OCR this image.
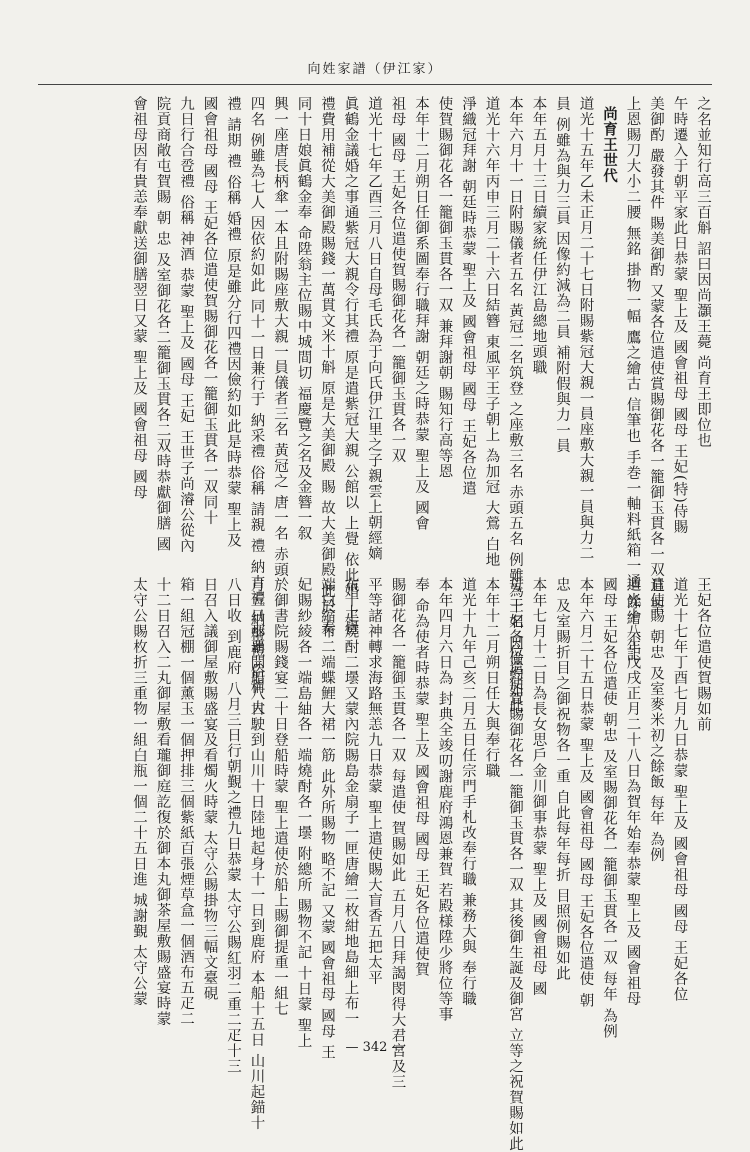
向姓家譜（伊江家）
之名並知行高三百斛 詔曰因尚灝王薨 尚育王即位也
午時遷入于朝平家此日恭蒙 聖上及 國會祖母 國母 王妃(特)侍賜
美御酌 嚴發其件 賜美御酌 又蒙各位遣使賞賜御花各一籠御玉貫各一双且 聖
上恩賜刀大小二腰 無銘 掛物一幅 鷹之繪古 信筆也 手巻一軸料紙箱一通 餘繪 不記
尚育王世代
道光十五年乙未正月二十七日附賜紫冠大親一員座敷大親一員與力二
員 例雖為與力三員 因像約減為二員 補附假與力一員
本年五月十三日續家統任伊江島總地頭職
本年六月十一日附賜儀者五名 黃冠二名筑登 之座敷三名 赤頭五名 例雖為十名 因儉約如此
道光十六年丙申三月二十六日結簪 東風平王子朝上 為加冠 大鶯 白地
淨織冠拜謝 朝廷時恭蒙 聖上及 國會祖母 國母 王妃各位遣
使賀賜御花各一籠御玉貫各一双 兼拜謝朝 賜知行高等恩
本年十二月朔日任御系圖奉行職拜謝 朝廷之時恭蒙 聖上及 國會
祖母 國母 王妃各位遣使賀賜御花各一籠御玉貫各一双
道光十七年乙酉三月八日自母毛氏為于向氏伊江里之子親雲上朝經嫡
眞鶴金議婚之事通紫冠大親令行其禮 原是遣紫冠大親 公館以 上覺 依此婚 上覺
禮費用補從大美御殿賜錢一萬貫文米十斛 原是大美御殿 賜 故大美御殿 此於 奏
同十日娘眞鶴金奉 命陞翁主位賜中城間切 福慶覽之名及金簪一叙
興一座唐長柄傘一本且附賜座敷大親一員儀者三名 黃冠之 唐一名 赤頭
四名 例雖為七人 因依約如此 同十一日兼行于 納采禮 俗稱 請親 禮 納吉禮 納幣禮 俗稱 大
禮 請期 禮 俗稱 婚禮 原是雖分行四禮因儉約如此是時恭蒙 聖上及
國會祖母 國母 王妃各位遣使賀賜御花各一籠御玉貫各一双同十
九日行合卺禮 俗稱 神酒 恭蒙 聖上及 國母 王妃 王世子尚濬公從內
院貢商敞屯賀賜 朝 忠 及室御花各二籠御玉貫各二双時恭獻御膳 國
會祖母因有貴恙奉獻送御膳翌日又蒙 聖上及 國會祖母 國母
王妃各位遣使賀賜如前
道光十七年丁酉七月九日恭蒙 聖上及 國會祖母 國母 王妃各位
遣使賜 朝忠 及室麥米初之餘飯 每年 為例
道光十八年戊戌正月二十八日為賀年始奉恭蒙 聖上及 國會祖母
國母 王妃各位遣使 朝忠 及室賜御花各一籠御玉貫各一双 每年 為例
本年六月二十五日恭蒙 聖上及 國會祖母 國母 王妃各位遣使 朝
忠 及室賜折目之御祝物各一重 自此每年每折 目照例賜如此
本年七月十二日為長女思戶金川御事恭蒙 聖上及 國會祖母 國
母 王妃各位遣使賀賜御花各一籠御玉貫各一双 其後御生誕及御宮 立等之祝賀賜如此
本年十二月朔日任大與奉行職
道光十九年己亥二月五日任宗門手札改奉行職 兼務大與 奉行職
本年四月六日為 封典全竣叨謝鹿府鴻恩兼賀 若殿様陞少將位等事
奉 命為使者時恭蒙 聖上及 國會祖母 國母 王妃各位遣使賀
賜御花各一籠御玉貫各一双 每遣使 賀賜如此 五月八日拜謁閔得大君宮及三
平等諸神轉求海路無恙九日恭蒙 聖上遣使賜大盲香五把太平
布十疋燒酎二壜又蒙內院賜島金扇子一匣唐繪二枚紺地島細上布一
端白縮布二端蝶鯉大裙一筋 此外所賜物 略不記 又蒙 國會祖母 國母 王
妃賜紗綾各一端島紬各一端燒酎各一壜 附總所 賜物不記 十日蒙 聖上
於御書院賜錢宴二十日登船時蒙 聖上遣使於船上賜御提重一組七
月五日那覇開船八日駛到山川十日陸地起身十一日到鹿府 本船十五日 山川起錨十
八日收 到鹿府 八月三日行朝覲之禮九日恭蒙 太守公賜紅羽二重二疋十三
日召入議御屋敷賜盛宴及看燭火時蒙 太守公賜掛物三幅文臺硯
箱一組冠棚一個薰玉一個押排三個紫紙百張煙草盒一個酒布五疋二
十二日召入二丸御屋敷看瓏御庭訖復於御本丸御茶屋敷賜盛宴時蒙
太守公賜枚折三重物一組白瓶一個二十五日進 城謝覲 太守公蒙
— 342 —
